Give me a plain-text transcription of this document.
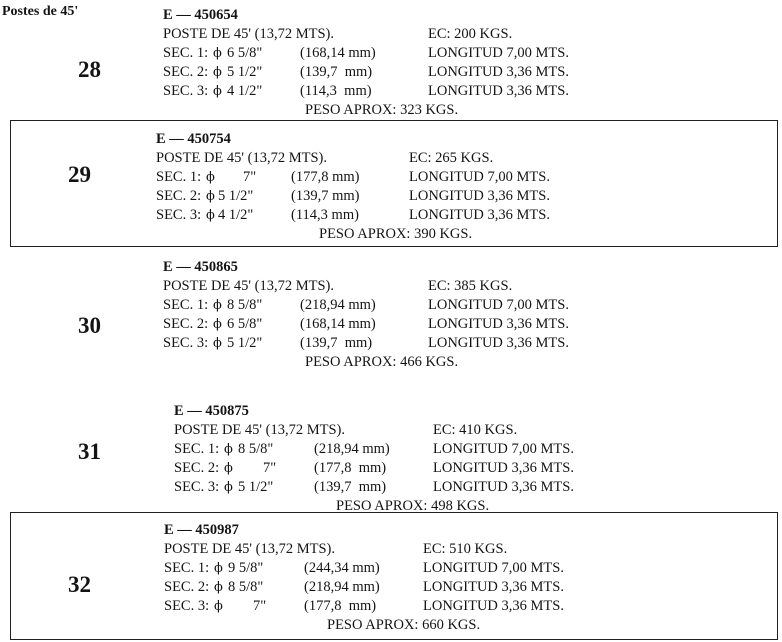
Postes de 45'
28
E — 450654
POSTE DE 45' (13,72 MTS).	EC: 200 KGS.
SEC. 1: ϕ 6 5/8"	(168,14 mm)	LONGITUD 7,00 MTS.
SEC. 2: ϕ 5 1/2"	(139,7  mm)	LONGITUD 3,36 MTS.
SEC. 3: ϕ 4 1/2"	(114,3  mm)	LONGITUD 3,36 MTS.
PESO APROX: 323 KGS.
29
E — 450754
POSTE DE 45' (13,72 MTS).	EC: 265 KGS.
SEC. 1: ϕ 7" (177,8 mm)	LONGITUD 7,00 MTS.
SEC. 2: ϕ 5 1/2"	(139,7 mm)	LONGITUD 3,36 MTS.
SEC. 3: ϕ 4 1/2"	(114,3 mm)	LONGITUD 3,36 MTS.
PESO APROX: 390 KGS.
30
E — 450865
POSTE DE 45' (13,72 MTS).	EC: 385 KGS.
SEC. 1: ϕ 8 5/8"	(218,94 mm)	LONGITUD 7,00 MTS.
SEC. 2: ϕ 6 5/8"	(168,14 mm)	LONGITUD 3,36 MTS.
SEC. 3: ϕ 5 1/2"	(139,7  mm)	LONGITUD 3,36 MTS.
PESO APROX: 466 KGS.
31
E — 450875
POSTE DE 45' (13,72 MTS).	EC: 410 KGS.
SEC. 1: ϕ 8 5/8"	(218,94 mm)	LONGITUD 7,00 MTS.
SEC. 2: ϕ 7"	(177,8  mm)	LONGITUD 3,36 MTS.
SEC. 3: ϕ 5 1/2"	(139,7  mm)	LONGITUD 3,36 MTS.
PESO APROX: 498 KGS.
32
E — 450987
POSTE DE 45' (13,72 MTS).	EC: 510 KGS.
SEC. 1: ϕ 9 5/8"	(244,34 mm)	LONGITUD 7,00 MTS.
SEC. 2: ϕ 8 5/8"	(218,94 mm)	LONGITUD 3,36 MTS.
SEC. 3: ϕ 7"	(177,8  mm)	LONGITUD 3,36 MTS.
PESO APROX: 660 KGS.
